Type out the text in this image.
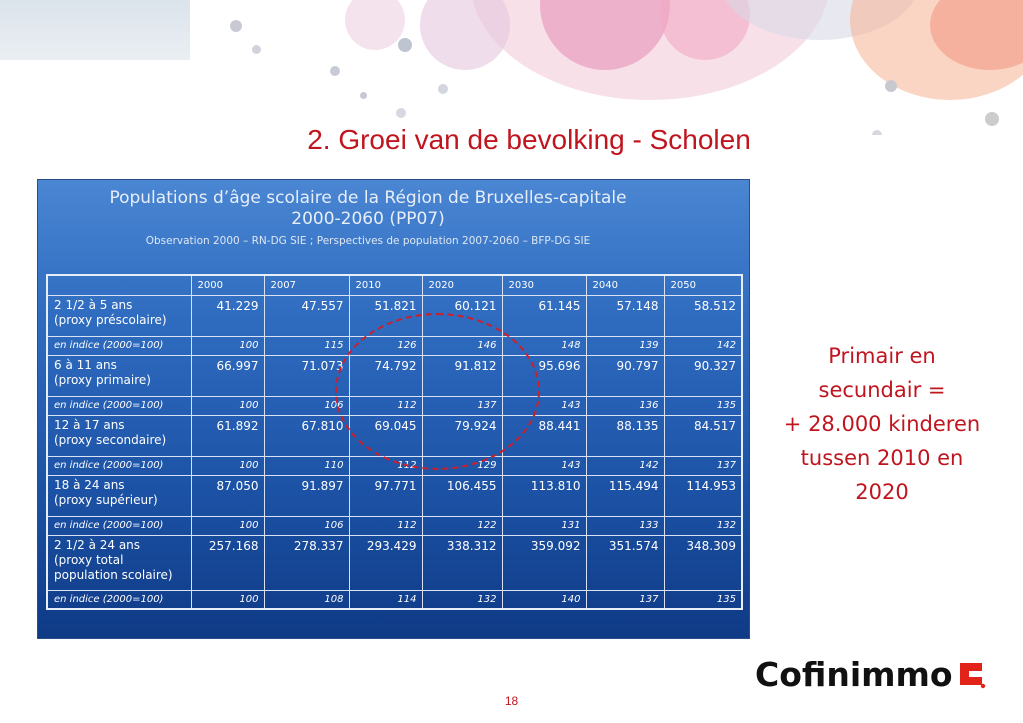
2. Groei van de bevolking - Scholen
Populations d’âge scolaire de la Région de Bruxelles-capitale
2000-2060 (PP07)
Observation 2000 – RN-DG SIE ; Perspectives de population 2007-2060 – BFP-DG SIE
	2000	2007	2010	2020	2030	2040	2050

2 1/2 à 5 ans
(proxy préscolaire)	41.229	47.557	51.821	60.121	61.145	57.148	58.512

en indice (2000=100)	100	115	126	146	148	139	142

6 à 11 ans
(proxy primaire)	66.997	71.073	74.792	91.812	95.696	90.797	90.327

en indice (2000=100)	100	106	112	137	143	136	135

12 à 17 ans
(proxy secondaire)	61.892	67.810	69.045	79.924	88.441	88.135	84.517

en indice (2000=100)	100	110	112	129	143	142	137

18 à 24 ans
(proxy supérieur)	87.050	91.897	97.771	106.455	113.810	115.494	114.953

en indice (2000=100)	100	106	112	122	131	133	132

2 1/2 à 24 ans
(proxy total
population scolaire)	257.168	278.337	293.429	338.312	359.092	351.574	348.309

en indice (2000=100)	100	108	114	132	140	137	135
Primair en
secundair =
+ 28.000 kinderen
tussen 2010 en
2020
Cofinimmo
18
